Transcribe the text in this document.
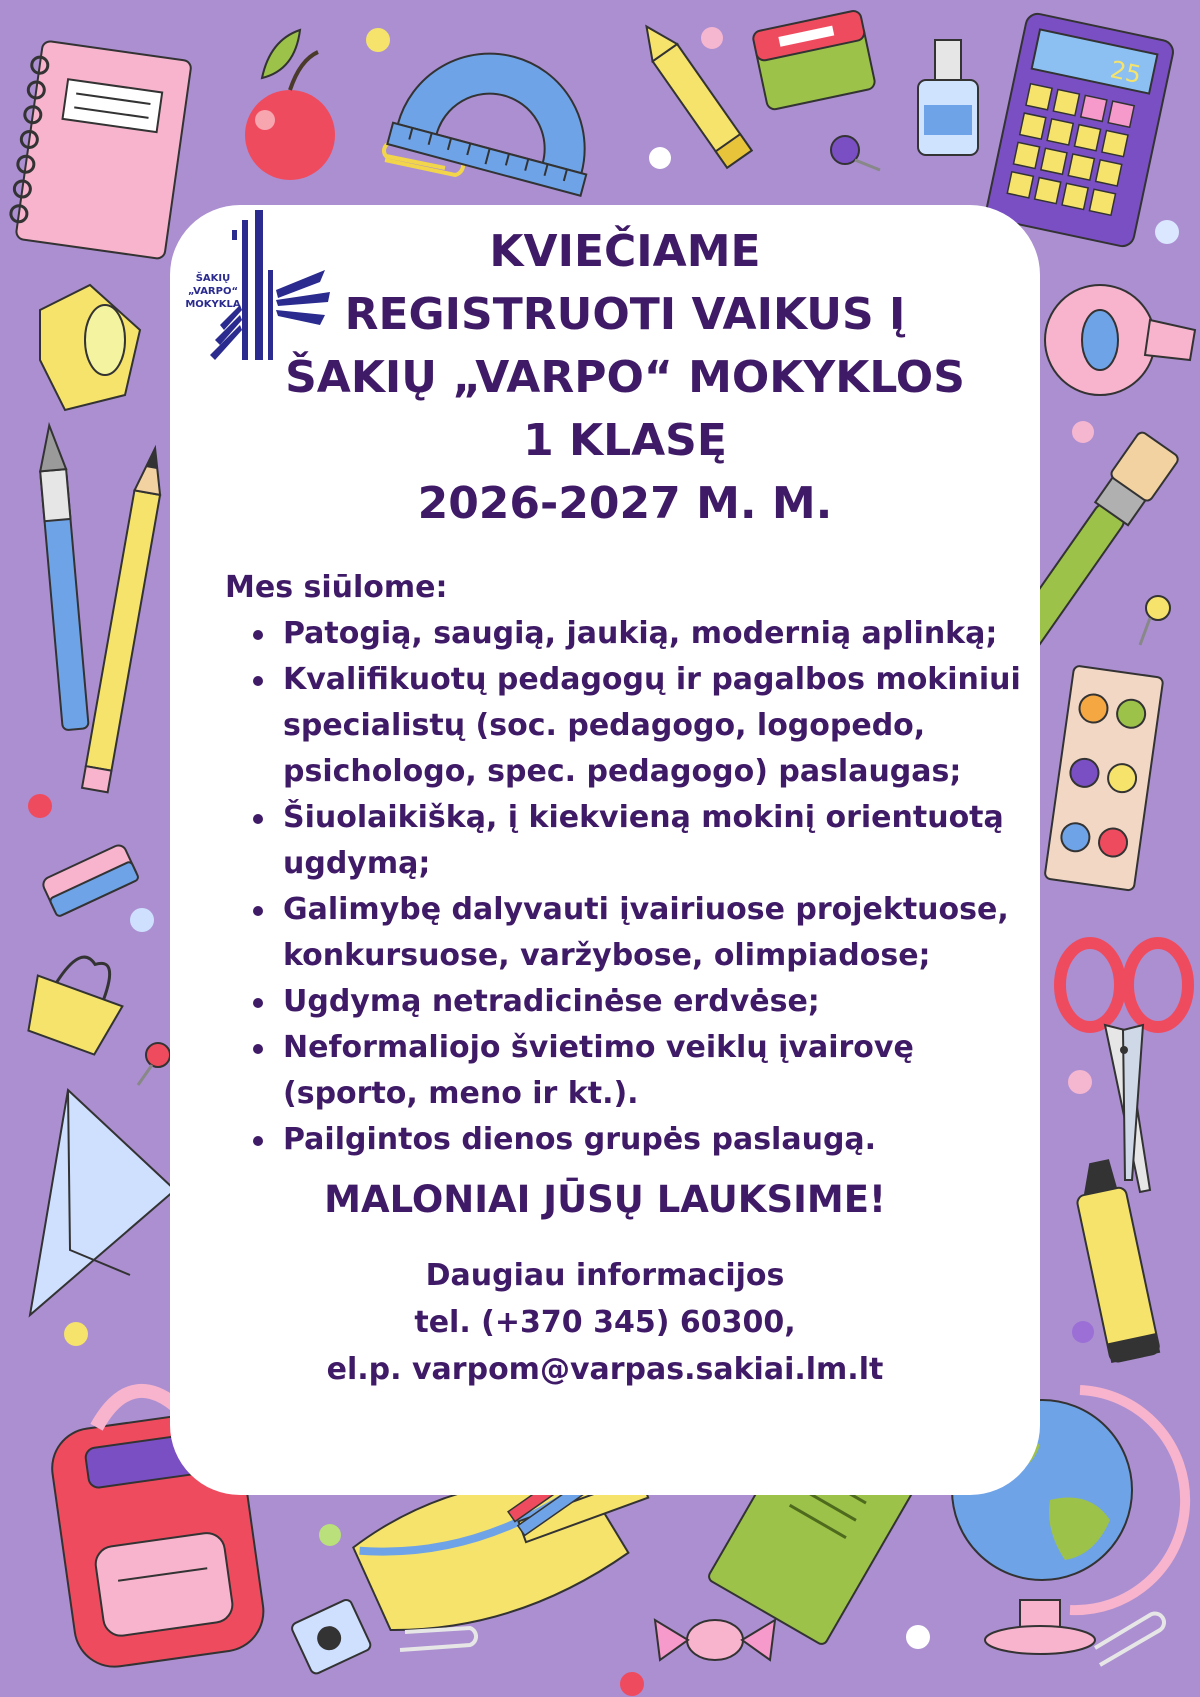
25
ŠAKIŲ
„VARPO“
MOKYKLA
KVIEČIAME
REGISTRUOTI VAIKUS Į
ŠAKIŲ „VARPO“ MOKYKLOS
1 KLASĘ
2026-2027 M. M.
Mes siūlome:
Patogią, saugią, jaukią, modernią aplinką;
Kvalifikuotų pedagogų ir pagalbos mokiniui
specialistų (soc. pedagogo, logopedo,
psichologo, spec. pedagogo) paslaugas;
Šiuolaikišką, į kiekvieną mokinį orientuotą
ugdymą;
Galimybę dalyvauti įvairiuose projektuose,
konkursuose, varžybose, olimpiadose;
Ugdymą netradicinėse erdvėse;
Neformaliojo švietimo veiklų įvairovę
(sporto, meno ir kt.).
Pailgintos dienos grupės paslaugą.
MALONIAI JŪSŲ LAUKSIME!
Daugiau informacijos
tel. (+370 345) 60300,
el.p. varpom@varpas.sakiai.lm.lt
